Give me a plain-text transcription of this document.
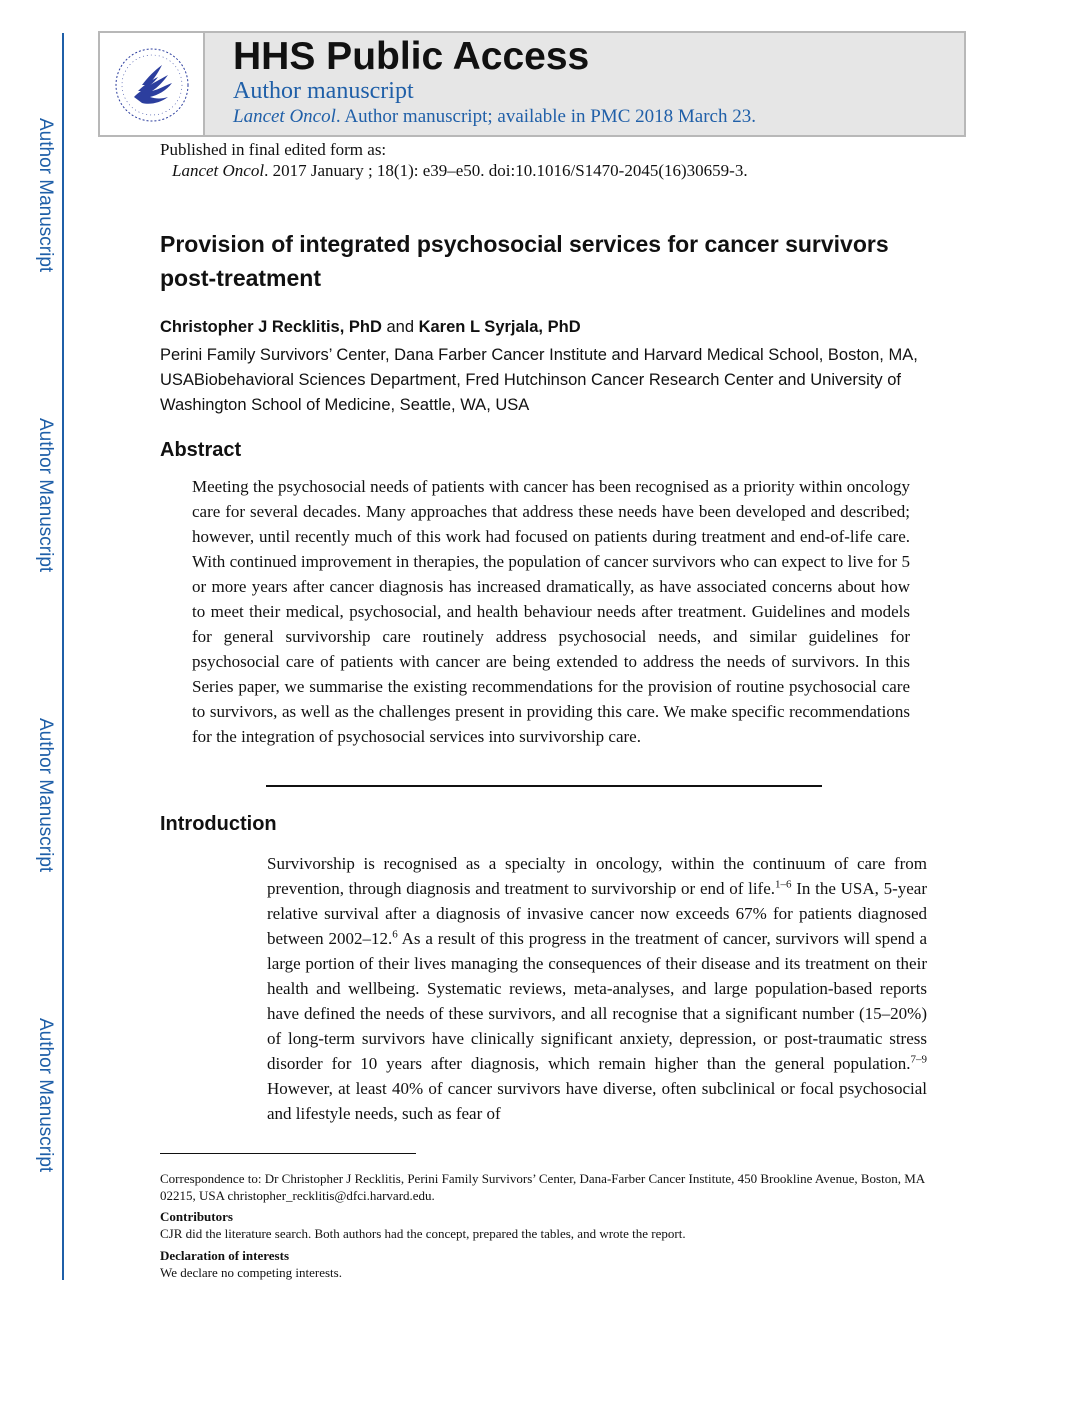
Author Manuscript
Author Manuscript
Author Manuscript
Author Manuscript
HHS Public Access
Author manuscript
Lancet Oncol. Author manuscript; available in PMC 2018 March 23.
Published in final edited form as:
Lancet Oncol. 2017 January ; 18(1): e39–e50. doi:10.1016/S1470-2045(16)30659-3.
Provision of integrated psychosocial services for cancer survivors post-treatment
Christopher J Recklitis, PhD and Karen L Syrjala, PhD
Perini Family Survivors’ Center, Dana Farber Cancer Institute and Harvard Medical School, Boston, MA, USABiobehavioral Sciences Department, Fred Hutchinson Cancer Research Center and University of Washington School of Medicine, Seattle, WA, USA
Abstract
Meeting the psychosocial needs of patients with cancer has been recognised as a priority within oncology care for several decades. Many approaches that address these needs have been developed and described; however, until recently much of this work had focused on patients during treatment and end-of-life care. With continued improvement in therapies, the population of cancer survivors who can expect to live for 5 or more years after cancer diagnosis has increased dramatically, as have associated concerns about how to meet their medical, psychosocial, and health behaviour needs after treatment. Guidelines and models for general survivorship care routinely address psychosocial needs, and similar guidelines for psychosocial care of patients with cancer are being extended to address the needs of survivors. In this Series paper, we summarise the existing recommendations for the provision of routine psychosocial care to survivors, as well as the challenges present in providing this care. We make specific recommendations for the integration of psychosocial services into survivorship care.
Introduction
Survivorship is recognised as a specialty in oncology, within the continuum of care from prevention, through diagnosis and treatment to survivorship or end of life.$^{1-6}$ In the USA, 5-year relative survival after a diagnosis of invasive cancer now exceeds 67% for patients diagnosed between 2002–12.$^6$ As a result of this progress in the treatment of cancer, survivors will spend a large portion of their lives managing the consequences of their disease and its treatment on their health and wellbeing. Systematic reviews, meta-analyses, and large population-based reports have defined the needs of these survivors, and all recognise that a significant number (15–20%) of long-term survivors have clinically significant anxiety, depression, or post-traumatic stress disorder for 10 years after diagnosis, which remain higher than the general population.$^{7-9}$ However, at least 40% of cancer survivors have diverse, often subclinical or focal psychosocial and lifestyle needs, such as fear of
Correspondence to: Dr Christopher J Recklitis, Perini Family Survivors’ Center, Dana-Farber Cancer Institute, 450 Brookline Avenue, Boston, MA 02215, USA christopher_recklitis@dfci.harvard.edu.
Contributors
CJR did the literature search. Both authors had the concept, prepared the tables, and wrote the report.
Declaration of interests
We declare no competing interests.
